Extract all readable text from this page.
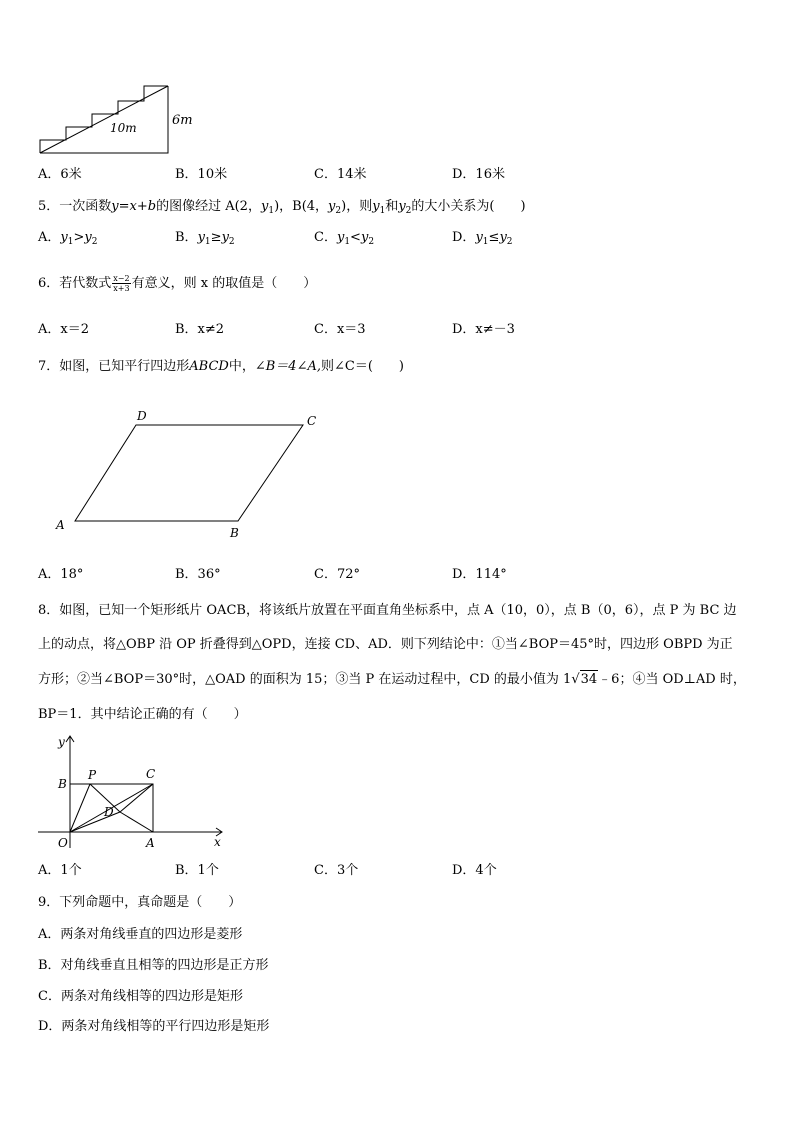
10m	6m
A．6米	B．10米	C．14米	D．16米
5．一次函数y=x+b的图像经过 A(2，$y_1$)，B(4，$y_2$)，则$y_1$和$y_2$的大小关系为(　　)
A．$y_1>y_2$	B．$y_1\ge y_2$	C．$y_1<y_2$	D．$y_1\le y_2$
6．若代数式 $\frac{x-2}{x+3}$ 有意义，则 x 的取值是（　　）
A．x＝2	B．x≠2	C．x＝3	D．x≠－3
7．如图，已知平行四边形ABCD中，∠B＝4∠A,则∠C＝(　　)
A
B
C
D
A．18°	B．36°	C．72°	D．114°
8．如图，已知一个矩形纸片 OACB，将该纸片放置在平面直角坐标系中，点 A（10，0），点 B（0，6），点 P 为 BC 边
上的动点，将△OBP 沿 OP 折叠得到△OPD，连接 CD、AD．则下列结论中：①当∠BOP＝45°时，四边形 OBPD 为正
方形；②当∠BOP＝30°时，△OAD 的面积为 15；③当 P 在运动过程中，CD 的最小值为 1√34﹣6；④当 OD⊥AD 时，
BP＝1．其中结论正确的有（　　）
y
x
B
P	C
D
O	A
A．1个	B．1个	C．3个	D．4个
9．下列命题中，真命题是（　　）
A．两条对角线垂直的四边形是菱形
B．对角线垂直且相等的四边形是正方形
C．两条对角线相等的四边形是矩形
D．两条对角线相等的平行四边形是矩形
